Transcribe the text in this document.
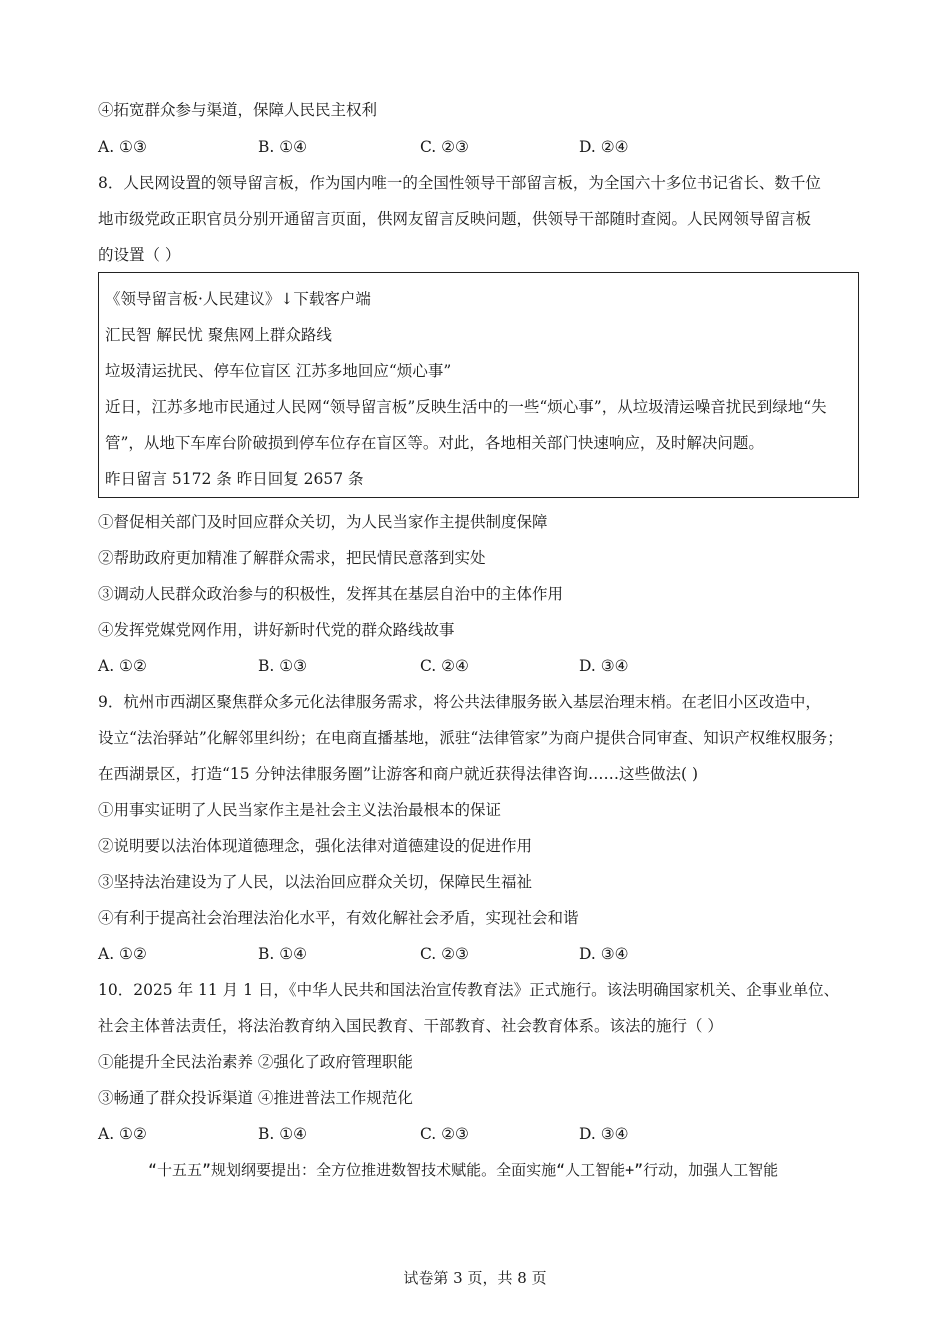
④拓宽群众参与渠道，保障人民民主权利
A. ①③	B. ①④	C. ②③	D. ②④
8．人民网设置的领导留言板，作为国内唯一的全国性领导干部留言板，为全国六十多位书记省长、数千位
地市级党政正职官员分别开通留言页面，供网友留言反映问题，供领导干部随时查阅。人民网领导留言板
的设置（ ）
《领导留言板·人民建议》↓下载客户端
汇民智 解民忧 聚焦网上群众路线
垃圾清运扰民、停车位盲区 江苏多地回应“烦心事”
近日，江苏多地市民通过人民网“领导留言板”反映生活中的一些“烦心事”，从垃圾清运噪音扰民到绿地“失
管”，从地下车库台阶破损到停车位存在盲区等。对此，各地相关部门快速响应，及时解决问题。
昨日留言 5172 条 昨日回复 2657 条
①督促相关部门及时回应群众关切，为人民当家作主提供制度保障
②帮助政府更加精准了解群众需求，把民情民意落到实处
③调动人民群众政治参与的积极性，发挥其在基层自治中的主体作用
④发挥党媒党网作用，讲好新时代党的群众路线故事
A. ①②	B. ①③	C. ②④	D. ③④
9．杭州市西湖区聚焦群众多元化法律服务需求，将公共法律服务嵌入基层治理末梢。在老旧小区改造中，
设立“法治驿站”化解邻里纠纷；在电商直播基地，派驻“法律管家”为商户提供合同审查、知识产权维权服务；
在西湖景区，打造“15 分钟法律服务圈”让游客和商户就近获得法律咨询……这些做法( )
①用事实证明了人民当家作主是社会主义法治最根本的保证
②说明要以法治体现道德理念，强化法律对道德建设的促进作用
③坚持法治建设为了人民，以法治回应群众关切，保障民生福祉
④有利于提高社会治理法治化水平，有效化解社会矛盾，实现社会和谐
A. ①②	B. ①④	C. ②③	D. ③④
10．2025 年 11 月 1 日，《中华人民共和国法治宣传教育法》正式施行。该法明确国家机关、企事业单位、
社会主体普法责任，将法治教育纳入国民教育、干部教育、社会教育体系。该法的施行（ ）
①能提升全民法治素养 ②强化了政府管理职能
③畅通了群众投诉渠道 ④推进普法工作规范化
A. ①②	B. ①④	C. ②③	D. ③④
“十五五”规划纲要提出：全方位推进数智技术赋能。全面实施“人工智能+”行动，加强人工智能
试卷第 3 页，共 8 页
